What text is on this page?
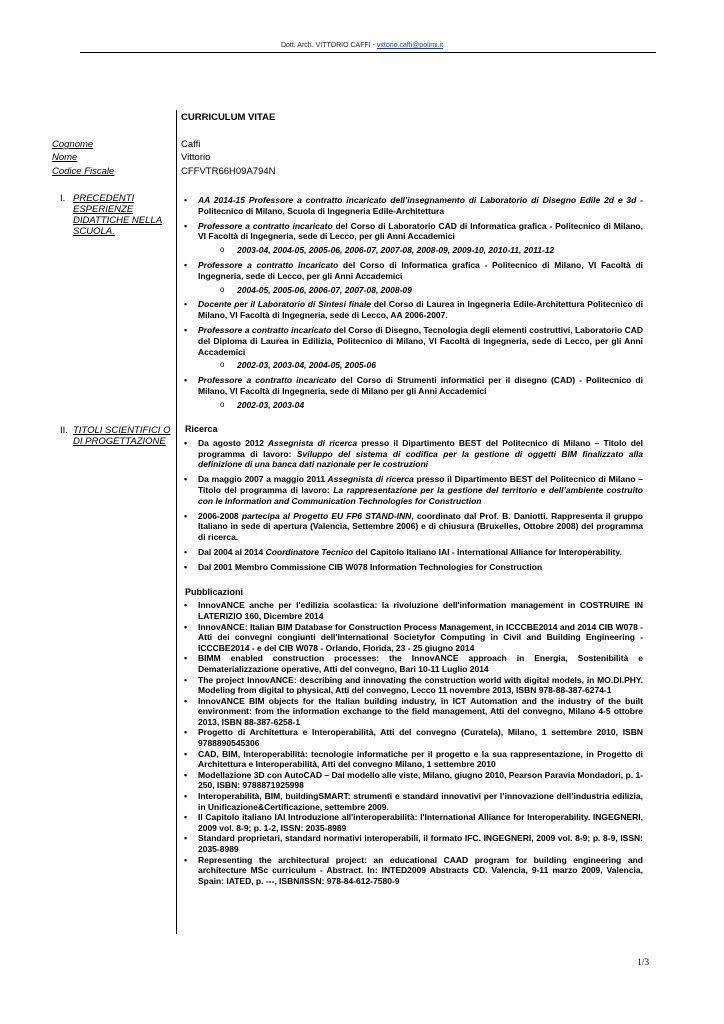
Dott. Arch. VITTORIO CAFFI - vittorio.caffi@polimi.it
CURRICULUM VITAE
Cognome	Caffi
Nome	Vittorio
Codice Fiscale	CFFVTR66H09A794N
I. PRECEDENTI ESPERIENZE DIDATTICHE NELLA SCUOLA.
• AA 2014-15 Professore a contratto incaricato dell’insegnamento di Laboratorio di Disegno Edile 2d e 3d - Politecnico di Milano, Scuola di Ingegneria Edile-Architettura
• Professore a contratto incaricato del Corso di Laboratorio CAD di Informatica grafica - Politecnico di Milano, VI Facoltà di Ingegneria, sede di Lecco, per gli Anni Accademici
o 2003-04, 2004-05, 2005-06, 2006-07, 2007-08, 2008-09, 2009-10, 2010-11, 2011-12
• Professore a contratto incaricato del Corso di Informatica grafica - Politecnico di Milano, VI Facoltà di Ingegneria, sede di Lecco, per gli Anni Accademici
o 2004-05, 2005-06, 2006-07, 2007-08, 2008-09
• Docente per il Laboratorio di Sintesi finale del Corso di Laurea in Ingegneria Edile-Architettura Politecnico di Milano, VI Facoltà di Ingegneria, sede di Lecco, AA 2006-2007.
• Professore a contratto incaricato del Corso di Disegno, Tecnologia degli elementi costruttivi, Laboratorio CAD del Diploma di Laurea in Edilizia, Politecnico di Milano, VI Facoltà di Ingegneria, sede di Lecco, per gli Anni Accademici
o 2002-03, 2003-04, 2004-05, 2005-06
• Professore a contratto incaricato del Corso di Strumenti informatici per il disegno (CAD) - Politecnico di Milano, VI Facoltà di Ingegneria, sede di Milano per gli Anni Accademici
o 2002-03, 2003-04
II. TITOLI SCIENTIFICI O DI PROGETTAZIONE
Ricerca
• Da agosto 2012 Assegnista di ricerca presso il Dipartimento BEST del Politecnico di Milano – Titolo del programma di lavoro: Sviluppo del sistema di codifica per la gestione di oggetti BIM finalizzato alla definizione di una banca dati nazionale per le costruzioni
• Da maggio 2007 a maggio 2011 Assegnista di ricerca presso il Dipartimento BEST del Politecnico di Milano – Titolo del programma di lavoro: La rappresentazione per la gestione del territorio e dell’ambiente costruito con le Information and Communication Technologies for Construction
• 2006-2008 partecipa al Progetto EU FP6 STAND-INN, coordinato dal Prof. B. Daniotti. Rappresenta il gruppo Italiano in sede di apertura (Valencia, Settembre 2006) e di chiusura (Bruxelles, Ottobre 2008) del programma di ricerca.
• Dal 2004 al 2014 Coordinatore Tecnico del Capitolo Italiano IAI - International Alliance for Interoperability.
• Dal 2001 Membro Commissione CIB W078 Information Technologies for Construction
Pubblicazioni
• InnovANCE anche per l'edilizia scolastica: la rivoluzione dell'information management in COSTRUIRE IN LATERIZIO 160, Dicembre 2014
• InnovANCE: Italian BIM Database for Construction Process Management, in ICCCBE2014 and 2014 CIB W078 - Atti dei convegni congiunti dell'International Societyfor Computing in Civil and Building Engineering - ICCCBE2014 - e del CIB W078 - Orlando, Florida, 23 - 25 giugno 2014
• BIMM enabled construction processes: the InnovANCE approach in Energia, Sostenibilità e Dematerializzazione operative, Atti del convegno, Bari 10-11 Luglio 2014
• The project InnovANCE: describing and innovating the construction world with digital models, in MO.DI.PHY. Modeling from digital to physical, Atti del convegno, Lecco 11 novembre 2013, ISBN 978-88-387-6274-1
• InnovANCE BIM objects for the Italian building industry, in ICT Automation and the industry of the built environment: from the information exchange to the field management, Atti del convegno, Milano 4-5 ottobre 2013, ISBN 88-387-6258-1
• Progetto di Architettura e Interoperabilità, Atti del convegno (Curatela), Milano, 1 settembre 2010, ISBN 9788890545306
• CAD, BIM, Interoperabilità: tecnologie informatiche per il progetto e la sua rappresentazione, in Progetto di Architettura e Interoperabilità, Atti del convegno Milano, 1 settembre 2010
• Modellazione 3D con AutoCAD – Dal modello alle viste, Milano, giugno 2010, Pearson Paravia Mondadori, p. 1-250, ISBN: 9788871925998
• Interoperabilità, BIM, buildingSMART: strumenti e standard innovativi per l’innovazione dell’industria edilizia, in Unificazione&Certificazione, settembre 2009.
• Il Capitolo italiano IAI Introduzione all'interoperabilità: l'International Alliance for Interoperability. INGEGNERI, 2009 vol. 8-9; p. 1-2, ISSN: 2035-8989
• Standard proprietari, standard normativi interoperabili, il formato IFC. INGEGNERI, 2009 vol. 8-9; p. 8-9, ISSN: 2035-8989
• Representing the architectural project: an educational CAAD program for building engineering and architecture MSc curriculum - Abstract. In: INTED2009 Abstracts CD. Valencia, 9-11 marzo 2009, Valencia, Spain: IATED, p. ---, ISBN/ISSN: 978-84-612-7580-9
1/3
